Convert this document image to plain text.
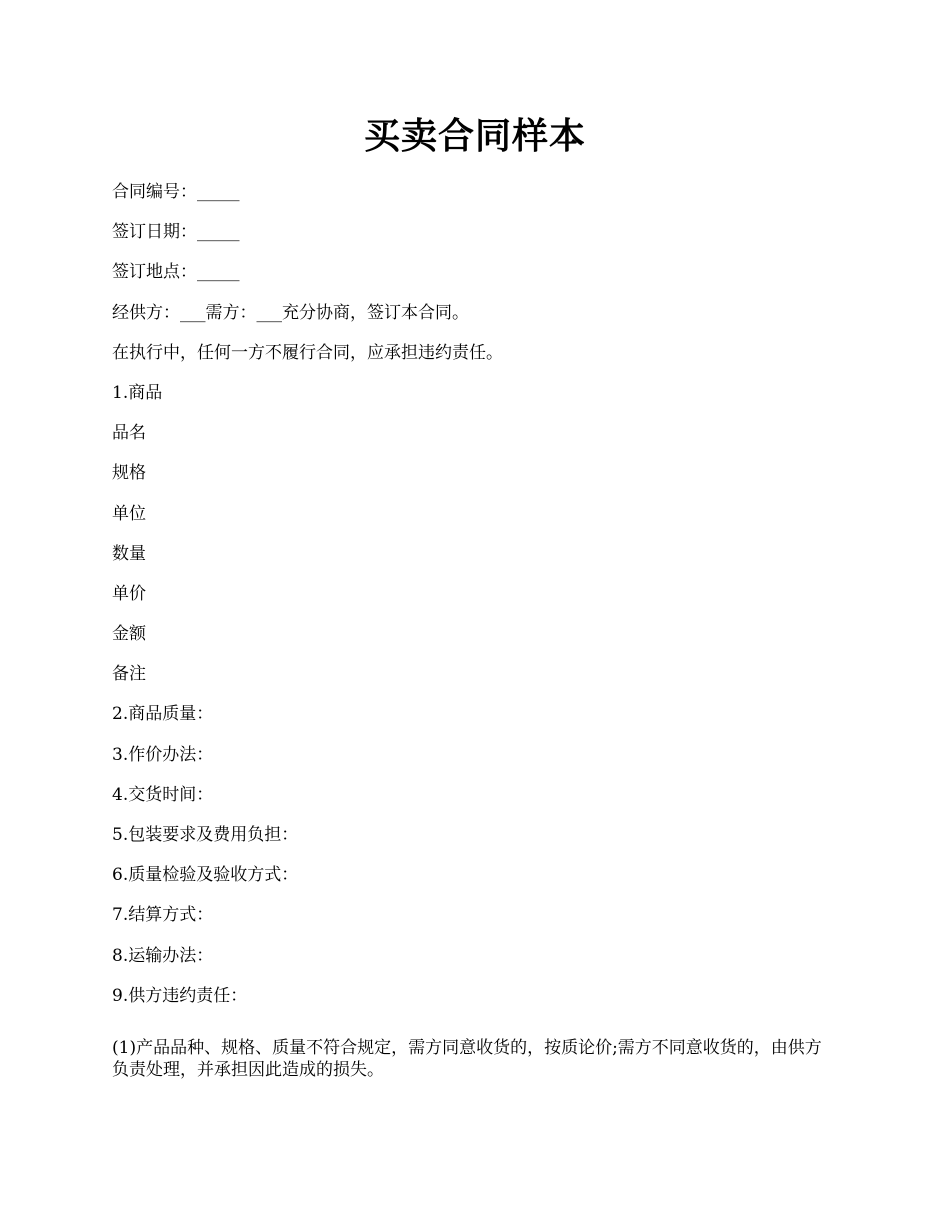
买卖合同样本
合同编号：_____
签订日期：_____
签订地点：_____
经供方：___需方：___充分协商，签订本合同。
在执行中，任何一方不履行合同，应承担违约责任。
1.商品
品名
规格
单位
数量
单价
金额
备注
2.商品质量：
3.作价办法：
4.交货时间：
5.包装要求及费用负担：
6.质量检验及验收方式：
7.结算方式：
8.运输办法：
9.供方违约责任：
(1)产品品种、规格、质量不符合规定，需方同意收货的，按质论价;需方不同意收货的，由供方负责处理，并承担因此造成的损失。
